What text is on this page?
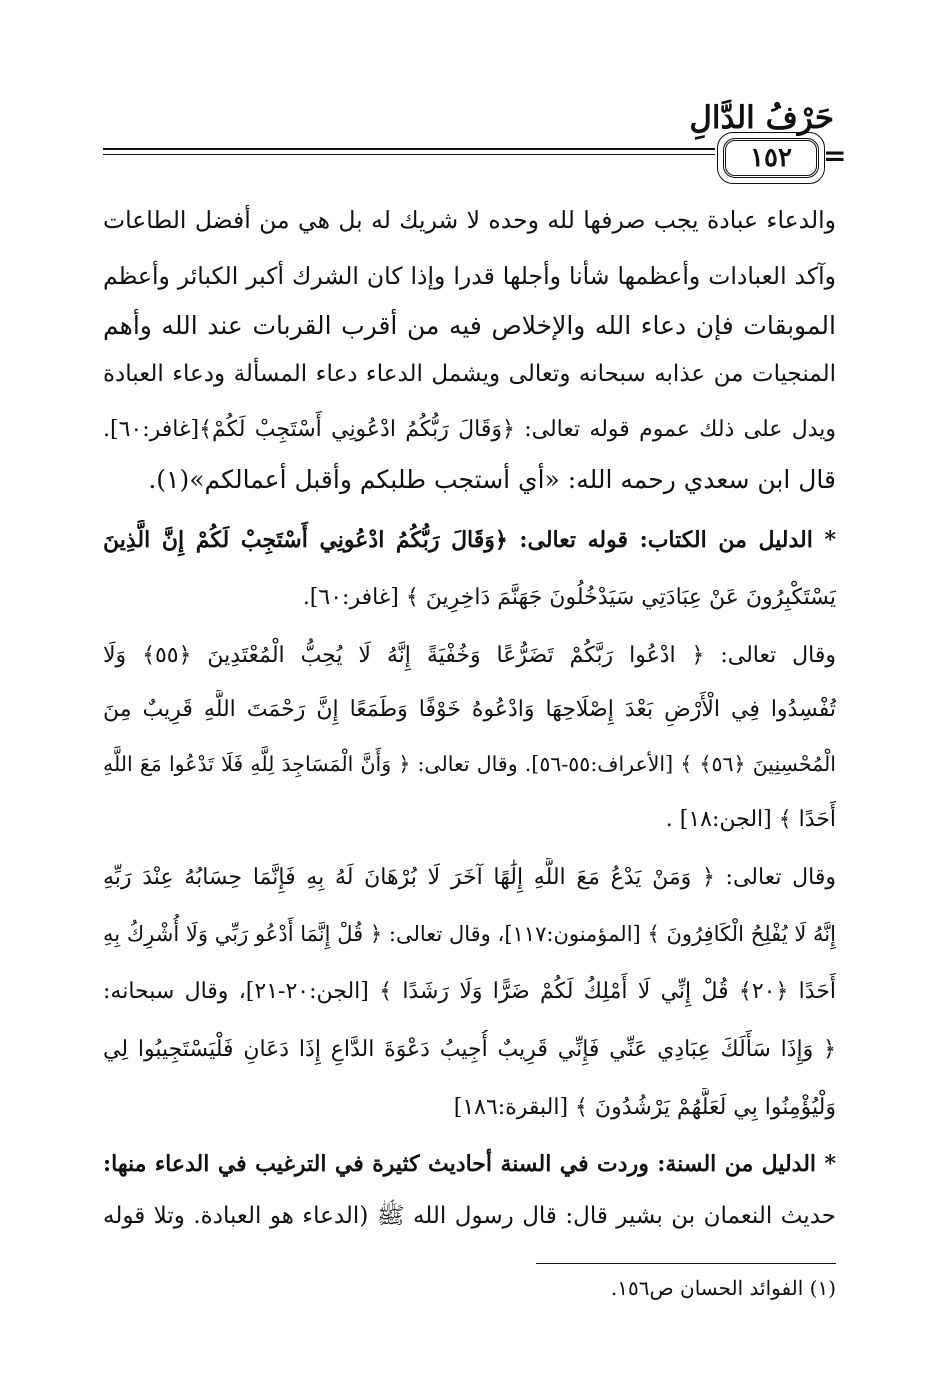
حَرْفُ الدَّالِ
١٥٢	=
والدعاء عبادة يجب صرفها لله وحده لا شريك له بل هي من أفضل الطاعات
وآكد العبادات وأعظمها شأنا وأجلها قدرا وإذا كان الشرك أكبر الكبائر وأعظم
الموبقات فإن دعاء الله والإخلاص فيه من أقرب القربات عند الله وأهم
المنجيات من عذابه سبحانه وتعالى ويشمل الدعاء دعاء المسألة ودعاء العبادة
ويدل على ذلك عموم قوله تعالى: ﴿وَقَالَ رَبُّكُمُ ادْعُونِي أَسْتَجِبْ لَكُمْ﴾[غافر:٦٠].
قال ابن سعدي رحمه الله: «أي أستجب طلبكم وأقبل أعمالكم»(١).
* الدليل من الكتاب: قوله تعالى: ﴿وَقَالَ رَبُّكُمُ ادْعُونِي أَسْتَجِبْ لَكُمْ إِنَّ الَّذِينَ
يَسْتَكْبِرُونَ عَنْ عِبَادَتِي سَيَدْخُلُونَ جَهَنَّمَ دَاخِرِينَ ﴾ [غافر:٦٠].
وقال تعالى: ﴿ ادْعُوا رَبَّكُمْ تَضَرُّعًا وَخُفْيَةً إِنَّهُ لَا يُحِبُّ الْمُعْتَدِينَ ﴿٥٥﴾ وَلَا
تُفْسِدُوا فِي الْأَرْضِ بَعْدَ إِصْلَاحِهَا وَادْعُوهُ خَوْفًا وَطَمَعًا إِنَّ رَحْمَتَ اللَّهِ قَرِيبٌ مِنَ
الْمُحْسِنِينَ ﴿٥٦﴾ ﴾ [الأعراف:٥٥-٥٦]. وقال تعالى: ﴿ وَأَنَّ الْمَسَاجِدَ لِلَّهِ فَلَا تَدْعُوا مَعَ اللَّهِ
أَحَدًا ﴾ [الجن:١٨] .
وقال تعالى: ﴿ وَمَنْ يَدْعُ مَعَ اللَّهِ إِلَٰهًا آخَرَ لَا بُرْهَانَ لَهُ بِهِ فَإِنَّمَا حِسَابُهُ عِنْدَ رَبِّهِ
إِنَّهُ لَا يُفْلِحُ الْكَافِرُونَ ﴾ [المؤمنون:١١٧]، وقال تعالى: ﴿ قُلْ إِنَّمَا أَدْعُو رَبِّي وَلَا أُشْرِكُ بِهِ
أَحَدًا ﴿٢٠﴾ قُلْ إِنِّي لَا أَمْلِكُ لَكُمْ ضَرًّا وَلَا رَشَدًا ﴾ [الجن:٢٠-٢١]، وقال سبحانه:
﴿ وَإِذَا سَأَلَكَ عِبَادِي عَنِّي فَإِنِّي قَرِيبٌ أُجِيبُ دَعْوَةَ الدَّاعِ إِذَا دَعَانِ فَلْيَسْتَجِيبُوا لِي
وَلْيُؤْمِنُوا بِي لَعَلَّهُمْ يَرْشُدُونَ ﴾ [البقرة:١٨٦]
* الدليل من السنة: وردت في السنة أحاديث كثيرة في الترغيب في الدعاء منها:
حديث النعمان بن بشير قال: قال رسول الله ﷺ (الدعاء هو العبادة. وتلا قوله
(١) الفوائد الحسان ص١٥٦.
